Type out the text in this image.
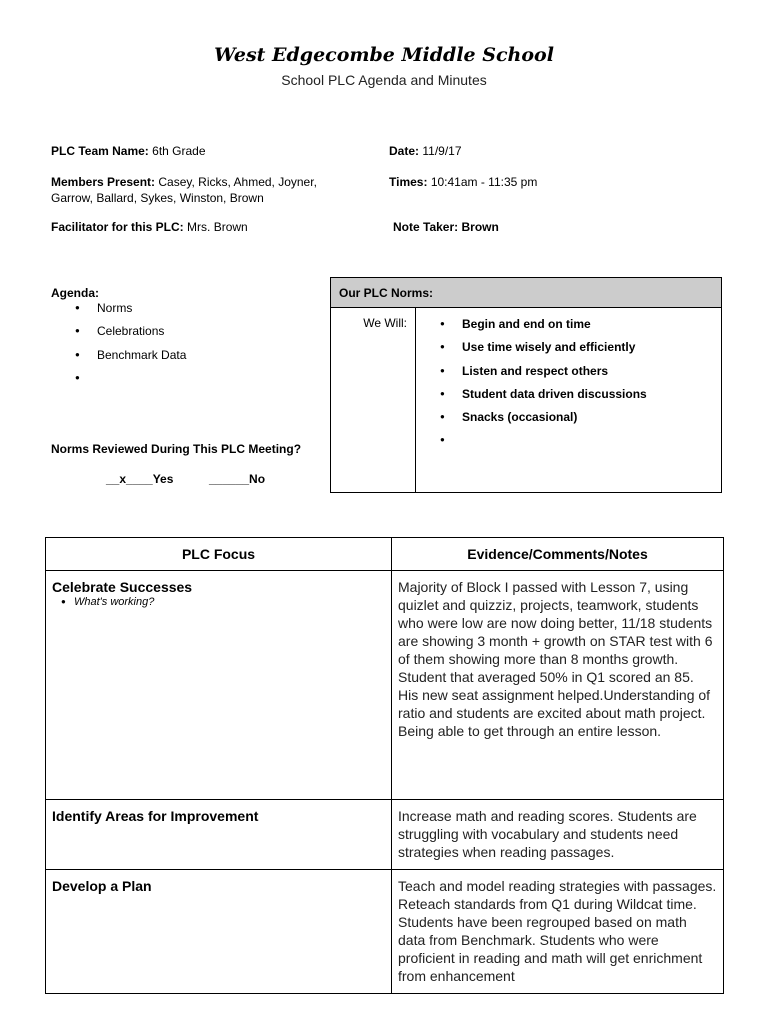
West Edgecombe Middle School
School PLC Agenda and Minutes
PLC Team Name: 6th Grade	Date: 11/9/17
Members Present: Casey, Ricks, Ahmed, Joyner,
Garrow, Ballard, Sykes, Winston, Brown
Times: 10:41am - 11:35 pm
Facilitator for this PLC: Mrs. Brown	Note Taker: Brown
Agenda:
● Norms
● Celebrations
● Benchmark Data
●
Norms Reviewed During This PLC Meeting?
__x____Yes	______No
Our PLC Norms:
We Will:	● Begin and end on time
● Use time wisely and efficiently
● Listen and respect others
● Student data driven discussions
● Snacks (occasional)
●
PLC Focus	Evidence/Comments/Notes

Celebrate Successes
● What's working?	Majority of Block I passed with Lesson 7, using quizlet and quizziz, projects, teamwork, students who were low are now doing better, 11/18 students are showing 3 month + growth on STAR test with 6 of them showing more than 8 months growth. Student that averaged 50% in Q1 scored an 85. His new seat assignment helped.Understanding of ratio and students are excited about math project. Being able to get through an entire lesson.
Identify Areas for Improvement	Increase math and reading scores. Students are struggling with vocabulary and students need strategies when reading passages.
Develop a Plan	Teach and model reading strategies with passages. Reteach standards from Q1 during Wildcat time. Students have been regrouped based on math data from Benchmark. Students who were proficient in reading and math will get enrichment from enhancement
